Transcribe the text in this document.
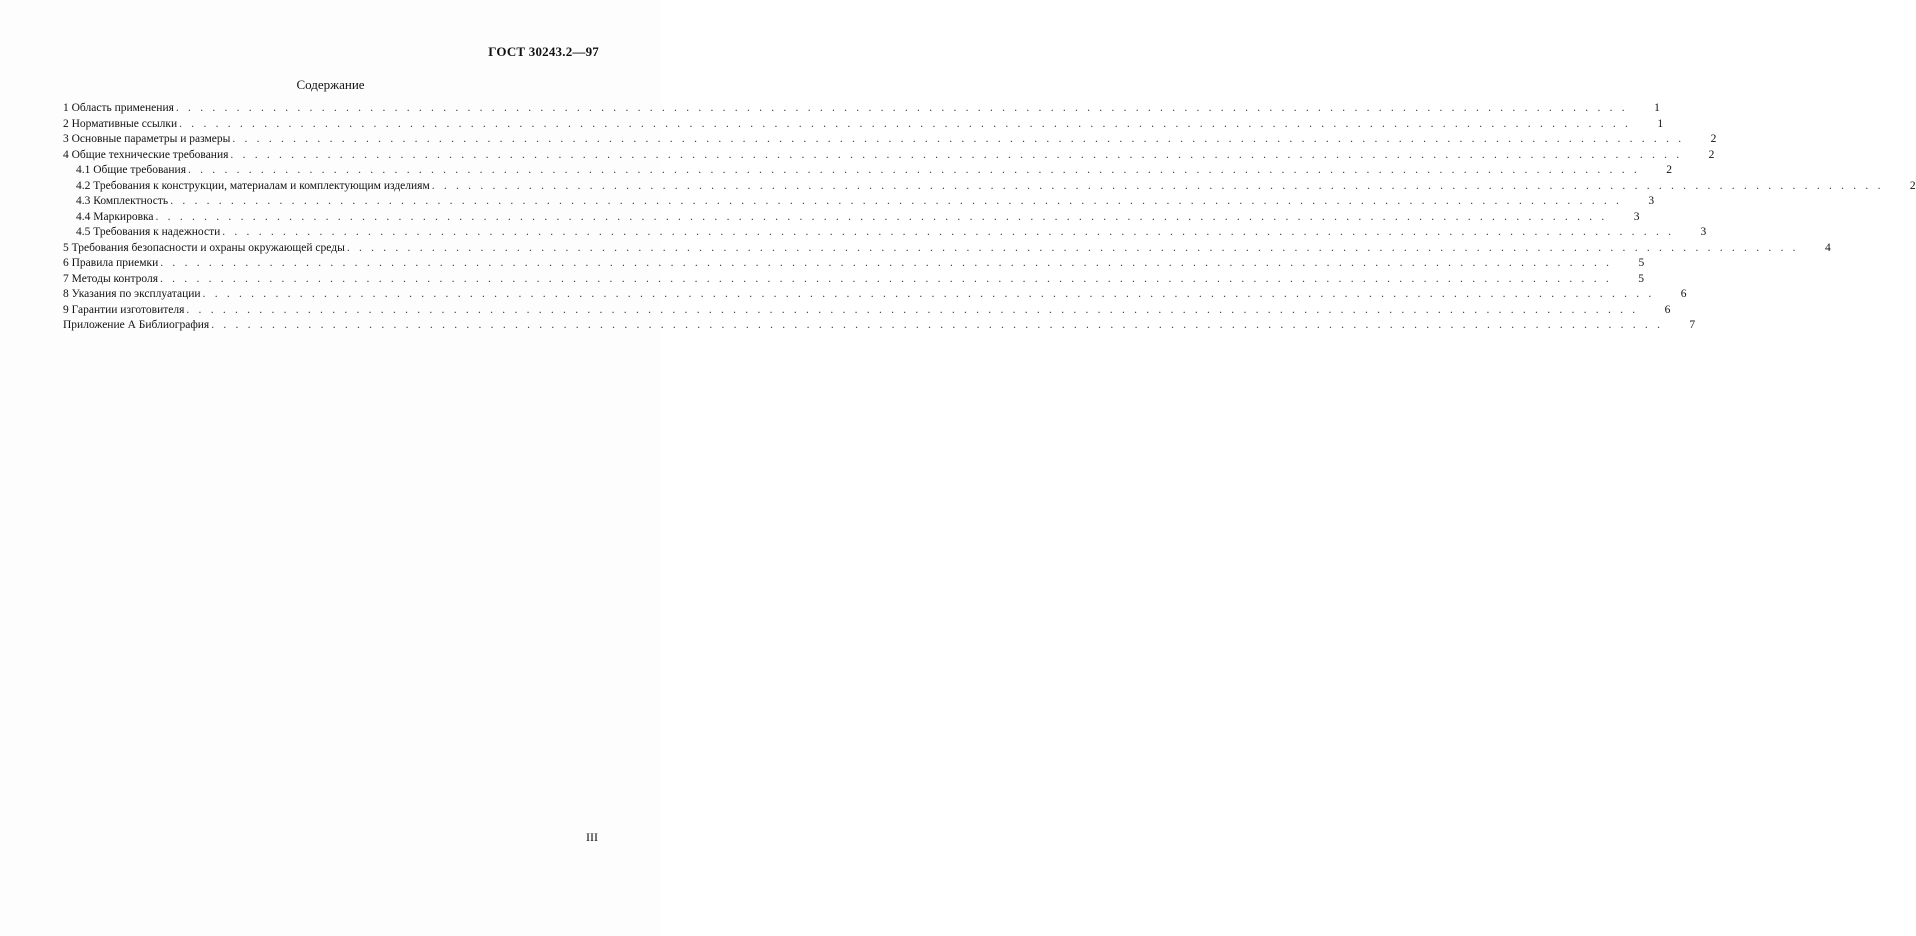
ГОСТ 30243.2—97
Содержание
1 Область применения . . . . . . . . . . . . . . . . . . . . . . . . . . . . . . . . . . . . . . . . . . . . . . . . . . . . . . . . . . . . . . . . . . . . . . . . . . . . . . . . . . . . . . . . . . . . . . . . . . . . . . . . . . . . . . . . . . . . . . . . 1
2 Нормативные ссылки . . . . . . . . . . . . . . . . . . . . . . . . . . . . . . . . . . . . . . . . . . . . . . . . . . . . . . . . . . . . . . . . . . . . . . . . . . . . . . . . . . . . . . . . . . . . . . . . . . . . . . . . . . . . . . . . . . . . . . . . 1
3 Основные параметры и размеры . . . . . . . . . . . . . . . . . . . . . . . . . . . . . . . . . . . . . . . . . . . . . . . . . . . . . . . . . . . . . . . . . . . . . . . . . . . . . . . . . . . . . . . . . . . . . . . . . . . . . . . . . . . . . . . . . . . . . . . . 2
4 Общие технические требования . . . . . . . . . . . . . . . . . . . . . . . . . . . . . . . . . . . . . . . . . . . . . . . . . . . . . . . . . . . . . . . . . . . . . . . . . . . . . . . . . . . . . . . . . . . . . . . . . . . . . . . . . . . . . . . . . . . . . . . . 2
4.1 Общие требования . . . . . . . . . . . . . . . . . . . . . . . . . . . . . . . . . . . . . . . . . . . . . . . . . . . . . . . . . . . . . . . . . . . . . . . . . . . . . . . . . . . . . . . . . . . . . . . . . . . . . . . . . . . . . . . . . . . . . . . . 2
4.2 Требования к конструкции, материалам и комплектующим изделиям . . . . . . . . . . . . . . . . . . . . . . . . . . . . . . . . . . . . . . . . . . . . . . . . . . . . . . . . . . . . . . . . . . . . . . . . . . . . . . . . . . . . . . . . . . . . . . . . . . . . . . . . . . . . . . . . . . . . . . . . 2
4.3 Комплектность . . . . . . . . . . . . . . . . . . . . . . . . . . . . . . . . . . . . . . . . . . . . . . . . . . . . . . . . . . . . . . . . . . . . . . . . . . . . . . . . . . . . . . . . . . . . . . . . . . . . . . . . . . . . . . . . . . . . . . . . 3
4.4 Маркировка . . . . . . . . . . . . . . . . . . . . . . . . . . . . . . . . . . . . . . . . . . . . . . . . . . . . . . . . . . . . . . . . . . . . . . . . . . . . . . . . . . . . . . . . . . . . . . . . . . . . . . . . . . . . . . . . . . . . . . . . 3
4.5 Требования к надежности . . . . . . . . . . . . . . . . . . . . . . . . . . . . . . . . . . . . . . . . . . . . . . . . . . . . . . . . . . . . . . . . . . . . . . . . . . . . . . . . . . . . . . . . . . . . . . . . . . . . . . . . . . . . . . . . . . . . . . . . 3
5 Требования безопасности и охраны окружающей среды . . . . . . . . . . . . . . . . . . . . . . . . . . . . . . . . . . . . . . . . . . . . . . . . . . . . . . . . . . . . . . . . . . . . . . . . . . . . . . . . . . . . . . . . . . . . . . . . . . . . . . . . . . . . . . . . . . . . . . . . 4
6 Правила приемки . . . . . . . . . . . . . . . . . . . . . . . . . . . . . . . . . . . . . . . . . . . . . . . . . . . . . . . . . . . . . . . . . . . . . . . . . . . . . . . . . . . . . . . . . . . . . . . . . . . . . . . . . . . . . . . . . . . . . . . . 5
7 Методы контроля . . . . . . . . . . . . . . . . . . . . . . . . . . . . . . . . . . . . . . . . . . . . . . . . . . . . . . . . . . . . . . . . . . . . . . . . . . . . . . . . . . . . . . . . . . . . . . . . . . . . . . . . . . . . . . . . . . . . . . . . 5
8 Указания по эксплуатации . . . . . . . . . . . . . . . . . . . . . . . . . . . . . . . . . . . . . . . . . . . . . . . . . . . . . . . . . . . . . . . . . . . . . . . . . . . . . . . . . . . . . . . . . . . . . . . . . . . . . . . . . . . . . . . . . . . . . . . . 6
9 Гарантии изготовителя . . . . . . . . . . . . . . . . . . . . . . . . . . . . . . . . . . . . . . . . . . . . . . . . . . . . . . . . . . . . . . . . . . . . . . . . . . . . . . . . . . . . . . . . . . . . . . . . . . . . . . . . . . . . . . . . . . . . . . . . 6
Приложение А Библиография . . . . . . . . . . . . . . . . . . . . . . . . . . . . . . . . . . . . . . . . . . . . . . . . . . . . . . . . . . . . . . . . . . . . . . . . . . . . . . . . . . . . . . . . . . . . . . . . . . . . . . . . . . . . . . . . . . . . . . . . 7
III
